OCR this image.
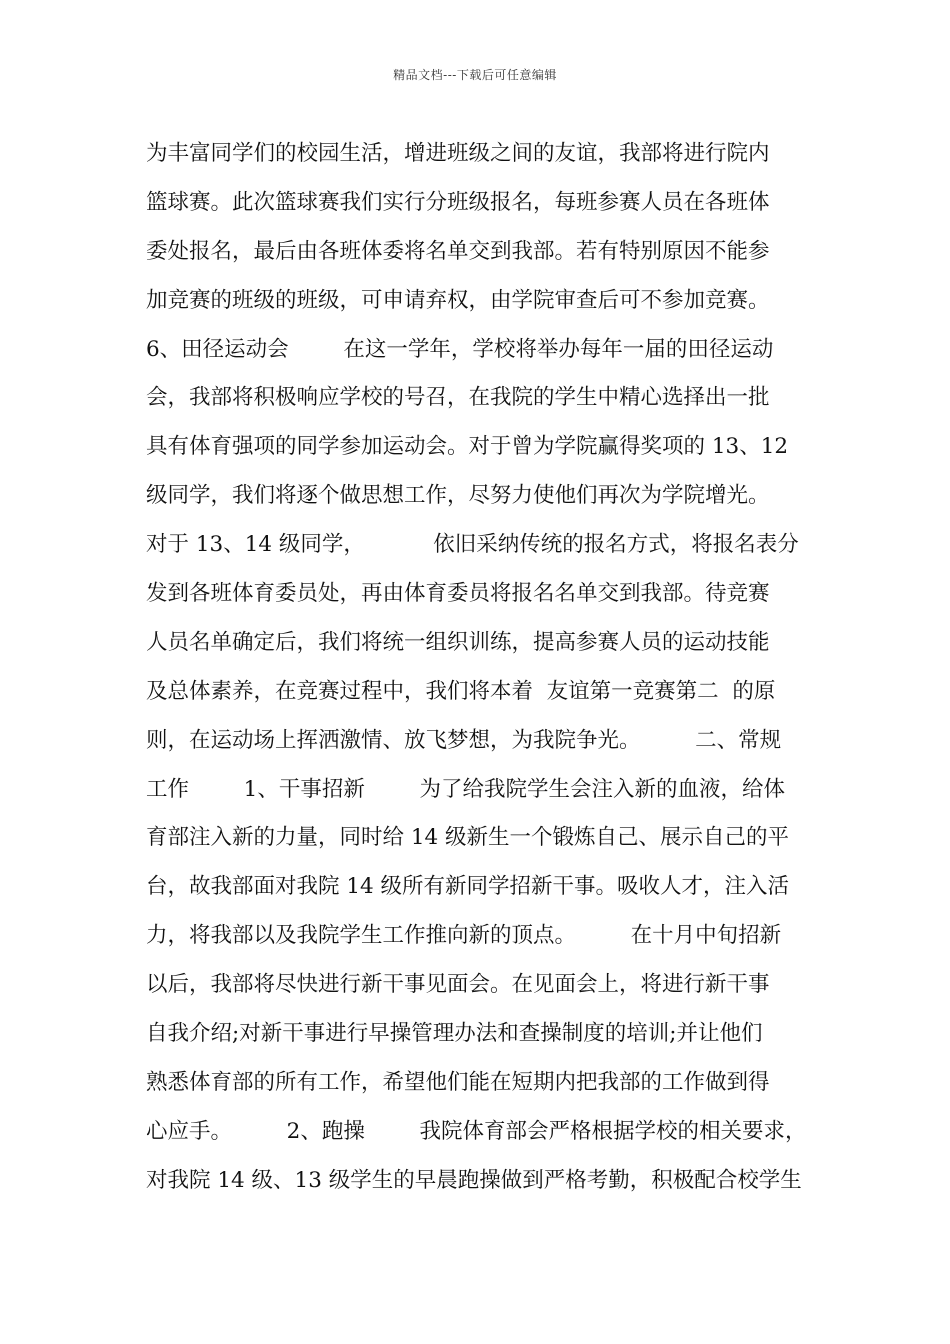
精品文档---下载后可任意编辑
为丰富同学们的校园生活，增进班级之间的友谊，我部将进行院内
篮球赛。此次篮球赛我们实行分班级报名，每班参赛人员在各班体
委处报名，最后由各班体委将名单交到我部。若有特别原因不能参
加竞赛的班级的班级，可申请弃权，由学院审查后可不参加竞赛。
6、田径运动会        在这一学年，学校将举办每年一届的田径运动
会，我部将积极响应学校的号召，在我院的学生中精心选择出一批
具有体育强项的同学参加运动会。对于曾为学院赢得奖项的 13、12
级同学，我们将逐个做思想工作，尽努力使他们再次为学院增光。
对于 13、14 级同学，          依旧采纳传统的报名方式，将报名表分
发到各班体育委员处，再由体育委员将报名名单交到我部。待竞赛
人员名单确定后，我们将统一组织训练，提高参赛人员的运动技能
及总体素养，在竞赛过程中，我们将本着  友谊第一竞赛第二  的原
则，在运动场上挥洒激情、放飞梦想，为我院争光。        二、常规
工作        1、干事招新        为了给我院学生会注入新的血液，给体
育部注入新的力量，同时给 14 级新生一个锻炼自己、展示自己的平
台，故我部面对我院 14 级所有新同学招新干事。吸收人才，注入活
力，将我部以及我院学生工作推向新的顶点。        在十月中旬招新
以后，我部将尽快进行新干事见面会。在见面会上，将进行新干事
自我介绍;对新干事进行早操管理办法和查操制度的培训;并让他们
熟悉体育部的所有工作，希望他们能在短期内把我部的工作做到得
心应手。        2、跑操        我院体育部会严格根据学校的相关要求，
对我院 14 级、13 级学生的早晨跑操做到严格考勤，积极配合校学生
